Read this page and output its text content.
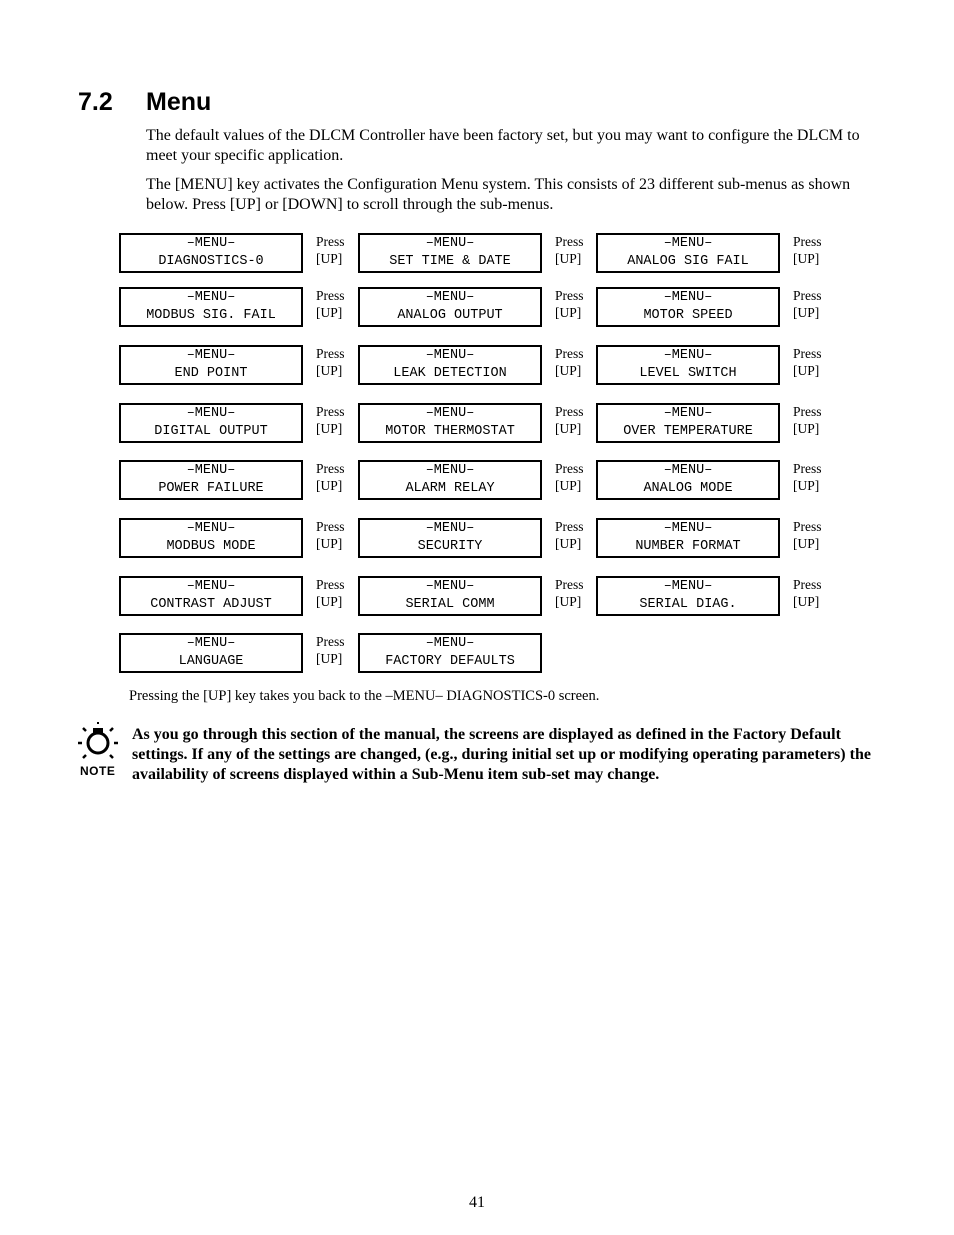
7.2 Menu
The default values of the DLCM Controller have been factory set, but you may want to configure the DLCM to meet your specific application.
The [MENU] key activates the Configuration Menu system. This consists of 23 different sub-menus as shown below. Press [UP] or [DOWN] to scroll through the sub-menus.
–MENU–
DIAGNOSTICS-0
Press
[UP]
–MENU–
SET TIME & DATE
Press
[UP]
–MENU–
ANALOG SIG FAIL
Press
[UP]
–MENU–
MODBUS SIG. FAIL
Press
[UP]
–MENU–
ANALOG OUTPUT
Press
[UP]
–MENU–
MOTOR SPEED
Press
[UP]
–MENU–
END POINT
Press
[UP]
–MENU–
LEAK DETECTION
Press
[UP]
–MENU–
LEVEL SWITCH
Press
[UP]
–MENU–
DIGITAL OUTPUT
Press
[UP]
–MENU–
MOTOR THERMOSTAT
Press
[UP]
–MENU–
OVER TEMPERATURE
Press
[UP]
–MENU–
POWER FAILURE
Press
[UP]
–MENU–
ALARM RELAY
Press
[UP]
–MENU–
ANALOG MODE
Press
[UP]
–MENU–
MODBUS MODE
Press
[UP]
–MENU–
SECURITY
Press
[UP]
–MENU–
NUMBER FORMAT
Press
[UP]
–MENU–
CONTRAST ADJUST
Press
[UP]
–MENU–
SERIAL COMM
Press
[UP]
–MENU–
SERIAL DIAG.
Press
[UP]
–MENU–
LANGUAGE
Press
[UP]
–MENU–
FACTORY DEFAULTS
Pressing the [UP] key takes you back to the –MENU– DIAGNOSTICS-0 screen.
NOTE
As you go through this section of the manual, the screens are displayed as defined in the Factory Default settings. If any of the settings are changed, (e.g., during initial set up or modifying operating parameters) the availability of screens displayed within a Sub-Menu item sub-set may change.
41
